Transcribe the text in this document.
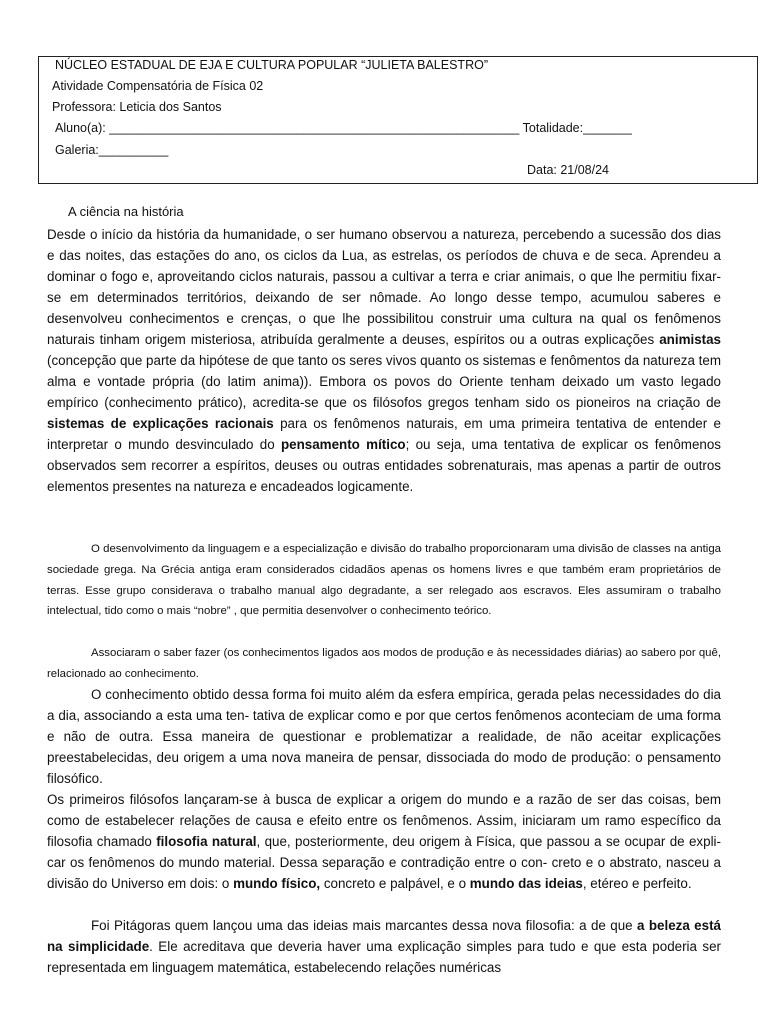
NÚCLEO ESTADUAL DE EJA E CULTURA POPULAR “JULIETA BALESTRO”
Atividade Compensatória de Física 02
Professora: Leticia dos Santos
Aluno(a): ___________________________________________________________ Totalidade:_______
Galeria:__________
Data: 21/08/24
A ciência na história

Desde o início da história da humanidade, o ser humano observou a natureza, percebendo a sucessão dos dias e das noites, das estações do ano, os ciclos da Lua, as estrelas, os períodos de chuva e de seca. Aprendeu a dominar o fogo e, aproveitando ciclos naturais, passou a cultivar a terra e criar animais, o que lhe permitiu fixar-se em determinados territórios, deixando de ser nômade. Ao longo desse tempo, acumulou saberes e desenvolveu conhecimentos e crenças, o que lhe possibilitou construir uma cultura na qual os fenômenos naturais tinham origem misteriosa, atribuída geralmente a deuses, espíritos ou a outras explicações animistas (concepção que parte da hipótese de que tanto os seres vivos quanto os sistemas e fenômentos da natureza tem alma e vontade própria (do latim anima)). Embora os povos do Oriente tenham deixado um vasto legado empírico (conhecimento prático), acredita-se que os filósofos gregos tenham sido os pioneiros na criação de sistemas de explicações racionais para os fenômenos naturais, em uma primeira tentativa de entender e interpretar o mundo desvinculado do pensamento mítico; ou seja, uma tentativa de explicar os fenômenos observados sem recorrer a espíritos, deuses ou outras entidades sobrenaturais, mas apenas a partir de outros elementos presentes na natureza e encadeados logicamente.

O desenvolvimento da linguagem e a especialização e divisão do trabalho proporcionaram uma divisão de classes na antiga sociedade grega. Na Grécia antiga eram considerados cidadãos apenas os homens livres e que também eram proprietários de terras. Esse grupo considerava o trabalho manual algo degradante, a ser relegado aos escravos. Eles assumiram o trabalho intelectual, tido como o mais “nobre” , que permitia desenvolver o conhecimento teórico.

Associaram o saber fazer (os conhecimentos ligados aos modos de produção e às necessidades diárias) ao sabero por quê, relacionado ao conhecimento.

O conhecimento obtido dessa forma foi muito além da esfera empírica, gerada pelas necessidades do dia a dia, associando a esta uma ten- tativa de explicar como e por que certos fenômenos aconteciam de uma forma e não de outra. Essa maneira de questionar e problematizar a realidade, de não aceitar explicações preestabelecidas, deu origem a uma nova maneira de pensar, dissociada do modo de produção: o pensamento filosófico.

Os primeiros filósofos lançaram-se à busca de explicar a origem do mundo e a razão de ser das coisas, bem como de estabelecer relações de causa e efeito entre os fenômenos. Assim, iniciaram um ramo específico da filosofia chamado filosofia natural, que, posteriormente, deu origem à Física, que passou a se ocupar de expli- car os fenômenos do mundo material. Dessa separação e contradição entre o con- creto e o abstrato, nasceu a divisão do Universo em dois: o mundo físico, concreto e palpável, e o mundo das ideias, etéreo e perfeito.

Foi Pitágoras quem lançou uma das ideias mais marcantes dessa nova filosofia: a de que a beleza está na simplicidade. Ele acreditava que deveria haver uma explicação simples para tudo e que esta poderia ser representada em linguagem matemática, estabelecendo relações numéricas
